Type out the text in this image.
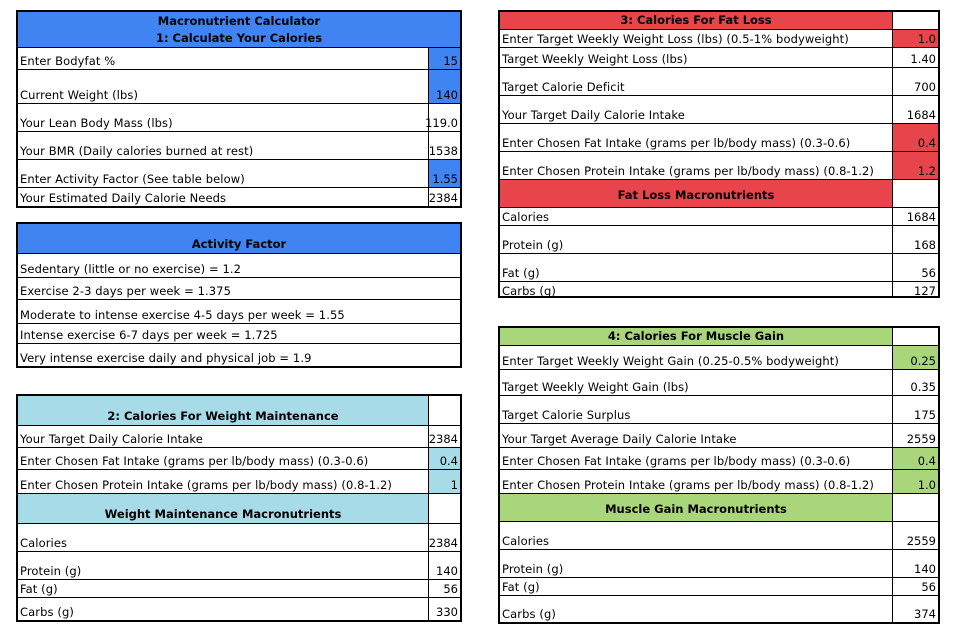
Macronutrient Calculator
1: Calculate Your Calories
Enter Bodyfat %	15
Current Weight (lbs)	140
Your Lean Body Mass (lbs)	119.0
Your BMR (Daily calories burned at rest)	1538
Enter Activity Factor (See table below)	1.55
Your Estimated Daily Calorie Needs	2384
Activity Factor
Sedentary (little or no exercise) = 1.2
Exercise 2-3 days per week = 1.375
Moderate to intense exercise 4-5 days per week = 1.55
Intense exercise 6-7 days per week = 1.725
Very intense exercise daily and physical job = 1.9
2: Calories For Weight Maintenance
Your Target Daily Calorie Intake	2384
Enter Chosen Fat Intake (grams per lb/body mass) (0.3-0.6)	0.4
Enter Chosen Protein Intake (grams per lb/body mass) (0.8-1.2)	1
Weight Maintenance Macronutrients
Calories	2384
Protein (g)	140
Fat (g)	56
Carbs (g)	330
3: Calories For Fat Loss
Enter Target Weekly Weight Loss (lbs) (0.5-1% bodyweight)	1.0
Target Weekly Weight Loss (lbs)	1.40
Target Calorie Deficit	700
Your Target Daily Calorie Intake	1684
Enter Chosen Fat Intake (grams per lb/body mass) (0.3-0.6)	0.4
Enter Chosen Protein Intake (grams per lb/body mass) (0.8-1.2)	1.2
Fat Loss Macronutrients
Calories	1684
Protein (g)	168
Fat (g)	56
Carbs (g)	127
4: Calories For Muscle Gain
Enter Target Weekly Weight Gain (0.25-0.5% bodyweight)	0.25
Target Weekly Weight Gain (lbs)	0.35
Target Calorie Surplus	175
Your Target Average Daily Calorie Intake	2559
Enter Chosen Fat Intake (grams per lb/body mass) (0.3-0.6)	0.4
Enter Chosen Protein Intake (grams per lb/body mass) (0.8-1.2)	1.0
Muscle Gain Macronutrients
Calories	2559
Protein (g)	140
Fat (g)	56
Carbs (g)	374
